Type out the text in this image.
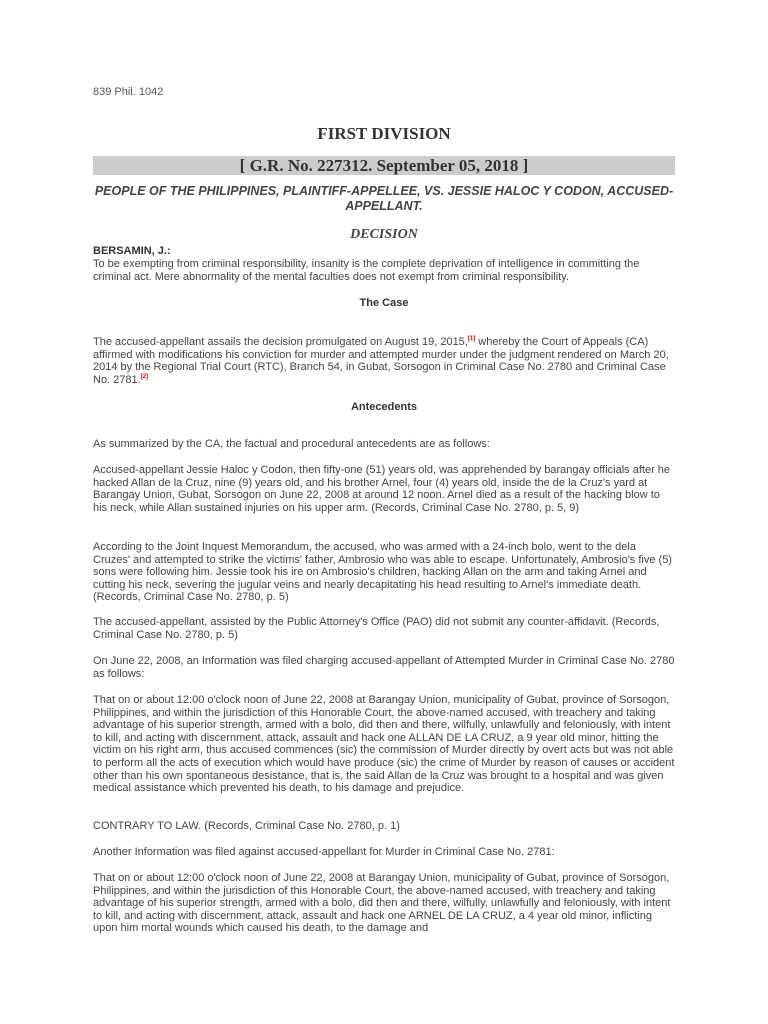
839 Phil. 1042
FIRST DIVISION
[ G.R. No. 227312. September 05, 2018 ]
PEOPLE OF THE PHILIPPINES, PLAINTIFF-APPELLEE, VS. JESSIE HALOC Y CODON, ACCUSED-APPELLANT.
DECISION
BERSAMIN, J.:

To be exempting from criminal responsibility, insanity is the complete deprivation of intelligence in committing the criminal act. Mere abnormality of the mental faculties does not exempt from criminal responsibility.

The Case

The accused-appellant assails the decision promulgated on August 19, 2015,[1] whereby the Court of Appeals (CA) affirmed with modifications his conviction for murder and attempted murder under the judgment rendered on March 20, 2014 by the Regional Trial Court (RTC), Branch 54, in Gubat, Sorsogon in Criminal Case No. 2780 and Criminal Case No. 2781.[2]

Antecedents

As summarized by the CA, the factual and procedural antecedents are as follows:

Accused-appellant Jessie Haloc y Codon, then fifty-one (51) years old, was apprehended by barangay officials after he hacked Allan de la Cruz, nine (9) years old, and his brother Arnel, four (4) years old, inside the de la Cruz's yard at Barangay Union, Gubat, Sorsogon on June 22, 2008 at around 12 noon. Arnel died as a result of the hacking blow to his neck, while Allan sustained injuries on his upper arm. (Records, Criminal Case No. 2780, p. 5, 9)

According to the Joint Inquest Memorandum, the accused, who was armed with a 24-inch bolo, went to the dela Cruzes' and attempted to strike the victims' father, Ambrosio who was able to escape. Unfortunately, Ambrosio's five (5) sons were following him. Jessie took his ire on Ambrosio's children, hacking Allan on the arm and taking Arnel and cutting his neck, severing the jugular veins and nearly decapitating his head resulting to Arnel's immediate death. (Records, Criminal Case No. 2780, p. 5)

The accused-appellant, assisted by the Public Attorney's Office (PAO) did not submit any counter-affidavit. (Records, Criminal Case No. 2780, p. 5)

On June 22, 2008, an Information was filed charging accused-appellant of Attempted Murder in Criminal Case No. 2780 as follows:

That on or about 12:00 o'clock noon of June 22, 2008 at Barangay Union, municipality of Gubat, province of Sorsogon, Philippines, and within the jurisdiction of this Honorable Court, the above-named accused, with treachery and taking advantage of his superior strength, armed with a bolo, did then and there, wilfully, unlawfully and feloniously, with intent to kill, and acting with discernment, attack, assault and hack one ALLAN DE LA CRUZ, a 9 year old minor, hitting the victim on his right arm, thus accused commences (sic) the commission of Murder directly by overt acts but was not able to perform all the acts of execution which would have produce (sic) the crime of Murder by reason of causes or accident other than his own spontaneous desistance, that is, the said Allan de la Cruz was brought to a hospital and was given medical assistance which prevented his death, to his damage and prejudice.

CONTRARY TO LAW. (Records, Criminal Case No. 2780, p. 1)

Another Information was filed against accused-appellant for Murder in Criminal Case No. 2781:

That on or about 12:00 o'clock noon of June 22, 2008 at Barangay Union, municipality of Gubat, province of Sorsogon, Philippines, and within the jurisdiction of this Honorable Court, the above-named accused, with treachery and taking advantage of his superior strength, armed with a bolo, did then and there, wilfully, unlawfully and feloniously, with intent to kill, and acting with discernment, attack, assault and hack one ARNEL DE LA CRUZ, a 4 year old minor, inflicting upon him mortal wounds which caused his death, to the damage and
